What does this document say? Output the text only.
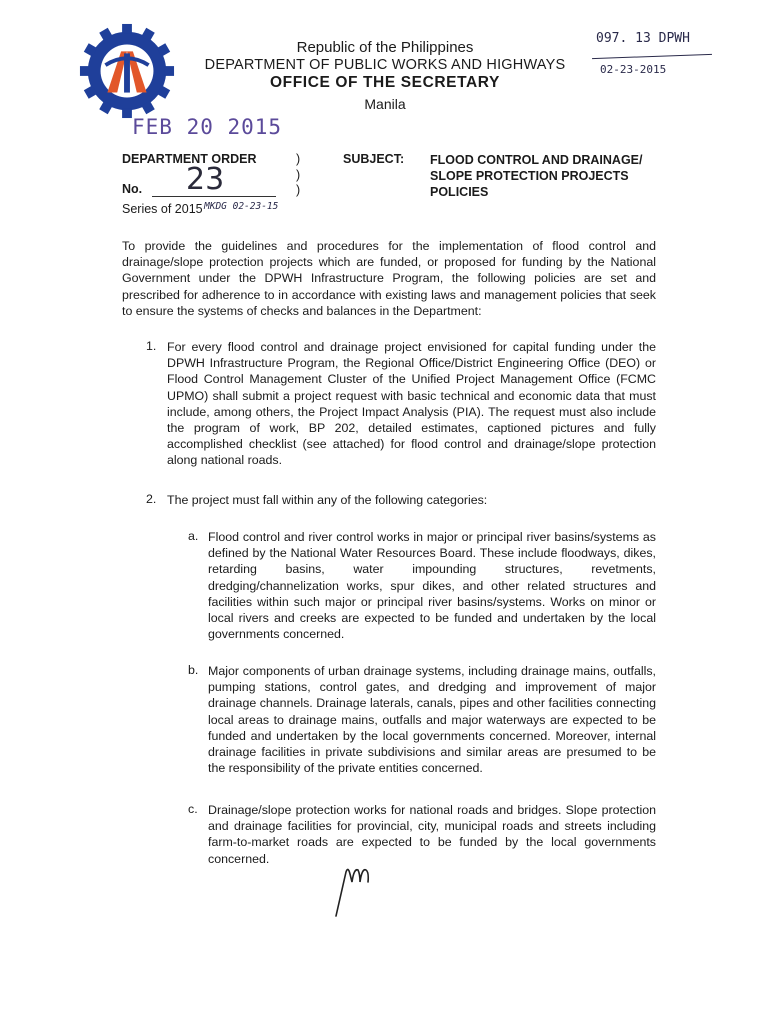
Republic of the Philippines
DEPARTMENT OF PUBLIC WORKS AND HIGHWAYS
OFFICE OF THE SECRETARY
Manila
097. 13 DPWH
02-23-2015
FEB 20 2015
DEPARTMENT ORDER
No. 23
Series of 2015 MKDG 02-23-15
)
)
)
SUBJECT: FLOOD CONTROL AND DRAINAGE/ SLOPE PROTECTION PROJECTS POLICIES
To provide the guidelines and procedures for the implementation of flood control and drainage/slope protection projects which are funded, or proposed for funding by the National Government under the DPWH Infrastructure Program, the following policies are set and prescribed for adherence to in accordance with existing laws and management policies that seek to ensure the systems of checks and balances in the Department:
1. For every flood control and drainage project envisioned for capital funding under the DPWH Infrastructure Program, the Regional Office/District Engineering Office (DEO) or Flood Control Management Cluster of the Unified Project Management Office (FCMC UPMO) shall submit a project request with basic technical and economic data that must include, among others, the Project Impact Analysis (PIA). The request must also include the program of work, BP 202, detailed estimates, captioned pictures and fully accomplished checklist (see attached) for flood control and drainage/slope protection along national roads.
2. The project must fall within any of the following categories:
a. Flood control and river control works in major or principal river basins/systems as defined by the National Water Resources Board. These include floodways, dikes, retarding basins, water impounding structures, revetments, dredging/channelization works, spur dikes, and other related structures and facilities within such major or principal river basins/systems. Works on minor or local rivers and creeks are expected to be funded and undertaken by the local governments concerned.
b. Major components of urban drainage systems, including drainage mains, outfalls, pumping stations, control gates, and dredging and improvement of major drainage channels. Drainage laterals, canals, pipes and other facilities connecting local areas to drainage mains, outfalls and major waterways are expected to be funded and undertaken by the local governments concerned. Moreover, internal drainage facilities in private subdivisions and similar areas are presumed to be the responsibility of the private entities concerned.
c. Drainage/slope protection works for national roads and bridges. Slope protection and drainage facilities for provincial, city, municipal roads and streets including farm-to-market roads are expected to be funded by the local governments concerned.
